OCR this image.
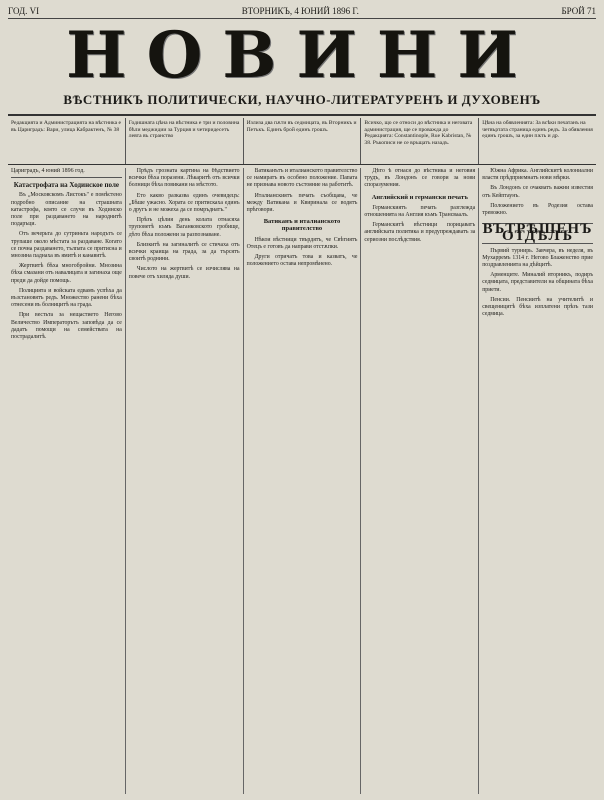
ГОД. VI	ВТОРНИКЪ, 4 ЮНИЙ 1896 Г.	БРОЙ 71
НОВИНИ
ВѢСТНИКЪ ПОЛИТИЧЕСКИ, НАУЧНО-ЛИТЕРАТУРЕНЪ И ДУХОВЕНЪ
Редакцията и Администрацията на вѣстника е въ Цариградъ: Вари, улица Кабрактенъ, № 38
Годишната цѣна на вѣстника е три и половина бѣли меджидии за Турция и четиридесетъ левта въ странство
Излиза два пѫти въ седмицата, въ Вторникъ и Петъкъ. Единъ брой единъ грошъ.
Всичко, що се относи до вѣстника и неговата администрация, ще се проважда до Редакцията: Constantinople, Rue Kabristan, № 38. Ръкописи не се връщатъ назадъ.
Цѣна на обявленията: За всѣки печатанъ на четвъртата страница единъ редъ. За обявления единъ грошъ, за един пѫть и др.
Цариградъ, 4 юний 1896 год.
Катастрофата на Ходинское поле

Въ „Московскомъ Листокъ" е помѣстено подробно описание на страшната катастрофа, която се случи въ Ходинско поле при раздаването на народнитѣ подаръци.

Отъ вечерьта до сутриньта народътъ се трупаше около мѣстата за раздаване. Когато се почна раздаването, тълпата се притисна и мнозина паднаха въ ямитѣ и канавитѣ.

Жертвитѣ бѣха многобройни. Мнозина бѣха смазани отъ навалицата и загинаха още преди да дойде помощь.

Полицията и войската едвамъ успѣха да възстановятъ редъ. Множество ранени бѣха отнесени въ болницитѣ на града.

При вестьта за нещастието Негово Величество Императорътъ заповѣда да се дадатъ помощи на семействата на пострадалитѣ.

Прѣдъ грозната картина на бѣдствието всички бѣха поразени. Лѣкаритѣ отъ всички болници бѣха повикани на мѣстото.

Ето какво разказва единъ очевидецъ: „Бѣше ужасно. Хората се притискаха единъ о другъ и не можеха да се помръднатъ."

Прѣзъ цѣлия день колата отнасяха труповетѣ къмъ Ваганковското гробище, дѣто бѣха положени за разпознаване.

Близкитѣ на загиналитѣ се стичаха отъ всички краища на града, за да търсятъ своитѣ роднини.

Числото на жертвитѣ се изчислява на повече отъ хиляда души.

Ватиканътъ и италианското правителство се намиратъ въ особено положение. Папата не признава новото състояние на работитѣ.

Италианскиятъ печать съобщава, че между Ватикана и Квиринала се водятъ прѣговори.

Ватиканъ и италианското правителство

Нѣкои вѣстници твърдятъ, че Свѣтиятъ Отецъ е готовъ да направи отстѫпки.

Други отричатъ това и казватъ, че положението остава непромѣнено.

Дѣто ѣ отнася до вѣстника и неговия трудъ, въ Лондонъ се говори за нови споразумения.

Английский и германски печатъ

Германскиятъ печать разглежда отношенията на Англия къмъ Трансваалъ.

Германскитѣ вѣстници порицаватъ английската политика и предупреждаватъ за сериозни послѣдствия.

Южна Африка. Английскитѣ колониални власти прѣдприемнатъ нови мѣрки.

Въ Лондонъ се очакватъ важни известия отъ Кейптаунъ.

Положението въ Родезия остава тревожно.

ВЪТРѢШЕНЪ ОТДѢЛЪ

Първий турнирь. Завчера, въ неделя, въ Мухарремъ 1314 г. Негово Блаженство прие поздравленията на дѣйцитѣ.

Арменците. Миналий вторникъ, подиръ седмицата, представители на общината бѣха приети.

Пенсии. Пенсиитѣ на учителитѣ и свещеницитѣ бѣха изплатени прѣзъ тази седмица.
